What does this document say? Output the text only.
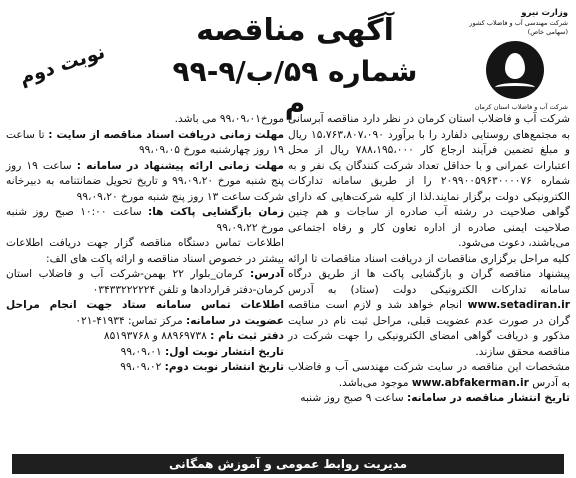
وزارت نیرو
شرکت مهندسی آب و فاضلاب کشور
(سهامی خاص)
شرکت آب و فاضلاب استان کرمان
آگهی مناقصه
شماره ۵۹/ب/۹-۹۹ م
نوبت دوم

شرکت آب و فاضلاب استان کرمان در نظر دارد مناقصه آبرسانی به مجتمع‌های روستایی دلفارد را با برآورد ۱۵،۷۶۳،۸۰۷،۰۹۰ ریال و مبلغ تضمین فرآیند ارجاع کار ۷۸۸،۱۹۵،۰۰۰ ریال از محل اعتبارات عمرانی و با حداقل تعداد شرکت کنندگان یک نفر و به شماره ۲۰۹۹۰۰۵۹۶۳۰۰۰۰۷۶ را از طریق سامانه تدارکات الکترونیکی دولت برگزار نمایند.لذا از کلیه شرکت‌هایی که دارای گواهی صلاحیت در رشته آب صادره از ساجات و هم چنین صلاحیت ایمنی صادره از اداره تعاون کار و رفاه اجتماعی می‌باشند، دعوت می‌شود.

کلیه مراحل برگزاری مناقصات از دریافت اسناد مناقصات تا ارائه پیشنهاد مناقصه گران و بازگشایی پاکت ها از طریق درگاه سامانه تدارکات الکترونیکی دولت (ستاد) به آدرس www.setadiran.ir انجام خواهد شد و لازم است مناقصه گران در صورت عدم عضویت قبلی، مراحل ثبت نام در سایت مذکور و دریافت گواهی امضای الکترونیکی را جهت شرکت در مناقصه محقق سازند.

مشخصات این مناقصه در سایت شرکت مهندسی آب و فاضلاب به آدرس www.abfakerman.ir موجود می‌باشد.

تاریخ انتشار مناقصه در سامانه: ساعت ۹ صبح روز شنبه

مورخ۹۹،۰۹،۰۱ می باشد.

مهلت زمانی دریافت اسناد مناقصه از سایت : تا ساعت ۱۹ روز چهارشنبه مورخ ۹۹،۰۹،۰۵

مهلت زمانی ارائه پیشنهاد در سامانه : ساعت ۱۹ روز پنج شنبه مورخ ۹۹،۰۹،۲۰ و تاریخ تحویل ضمانتنامه به دبیرخانه شرکت ساعت ۱۳ روز پنج شنبه مورخ ۹۹،۰۹،۲۰

زمان بازگشایی پاکت ها: ساعت ۱۰:۰۰ صبح روز شنبه مورخ ۹۹،۰۹،۲۲

اطلاعات تماس دستگاه مناقصه گزار جهت دریافت اطلاعات بیشتر در خصوص اسناد مناقصه و ارائه پاکت های الف:

آدرس: کرمان_بلوار ۲۲ بهمن-شرکت آب و فاضلاب استان کرمان-دفتر قراردادها و تلفن ۰۳۴۳۳۲۲۲۲۲۴

اطلاعات تماس سامانه ستاد جهت انجام مراحل عضویت در سامانه: مرکز تماس: ۴۱۹۳۴-۰۲۱

دفتر ثبت نام : ۸۸۹۶۹۷۳۸ و ۸۵۱۹۳۷۶۸

تاریخ انتشار نوبت اول: ۹۹،۰۹،۰۱

تاریخ انتشار نوبت دوم: ۹۹،۰۹،۰۲

مدیریت روابط عمومی و آموزش همگانی
